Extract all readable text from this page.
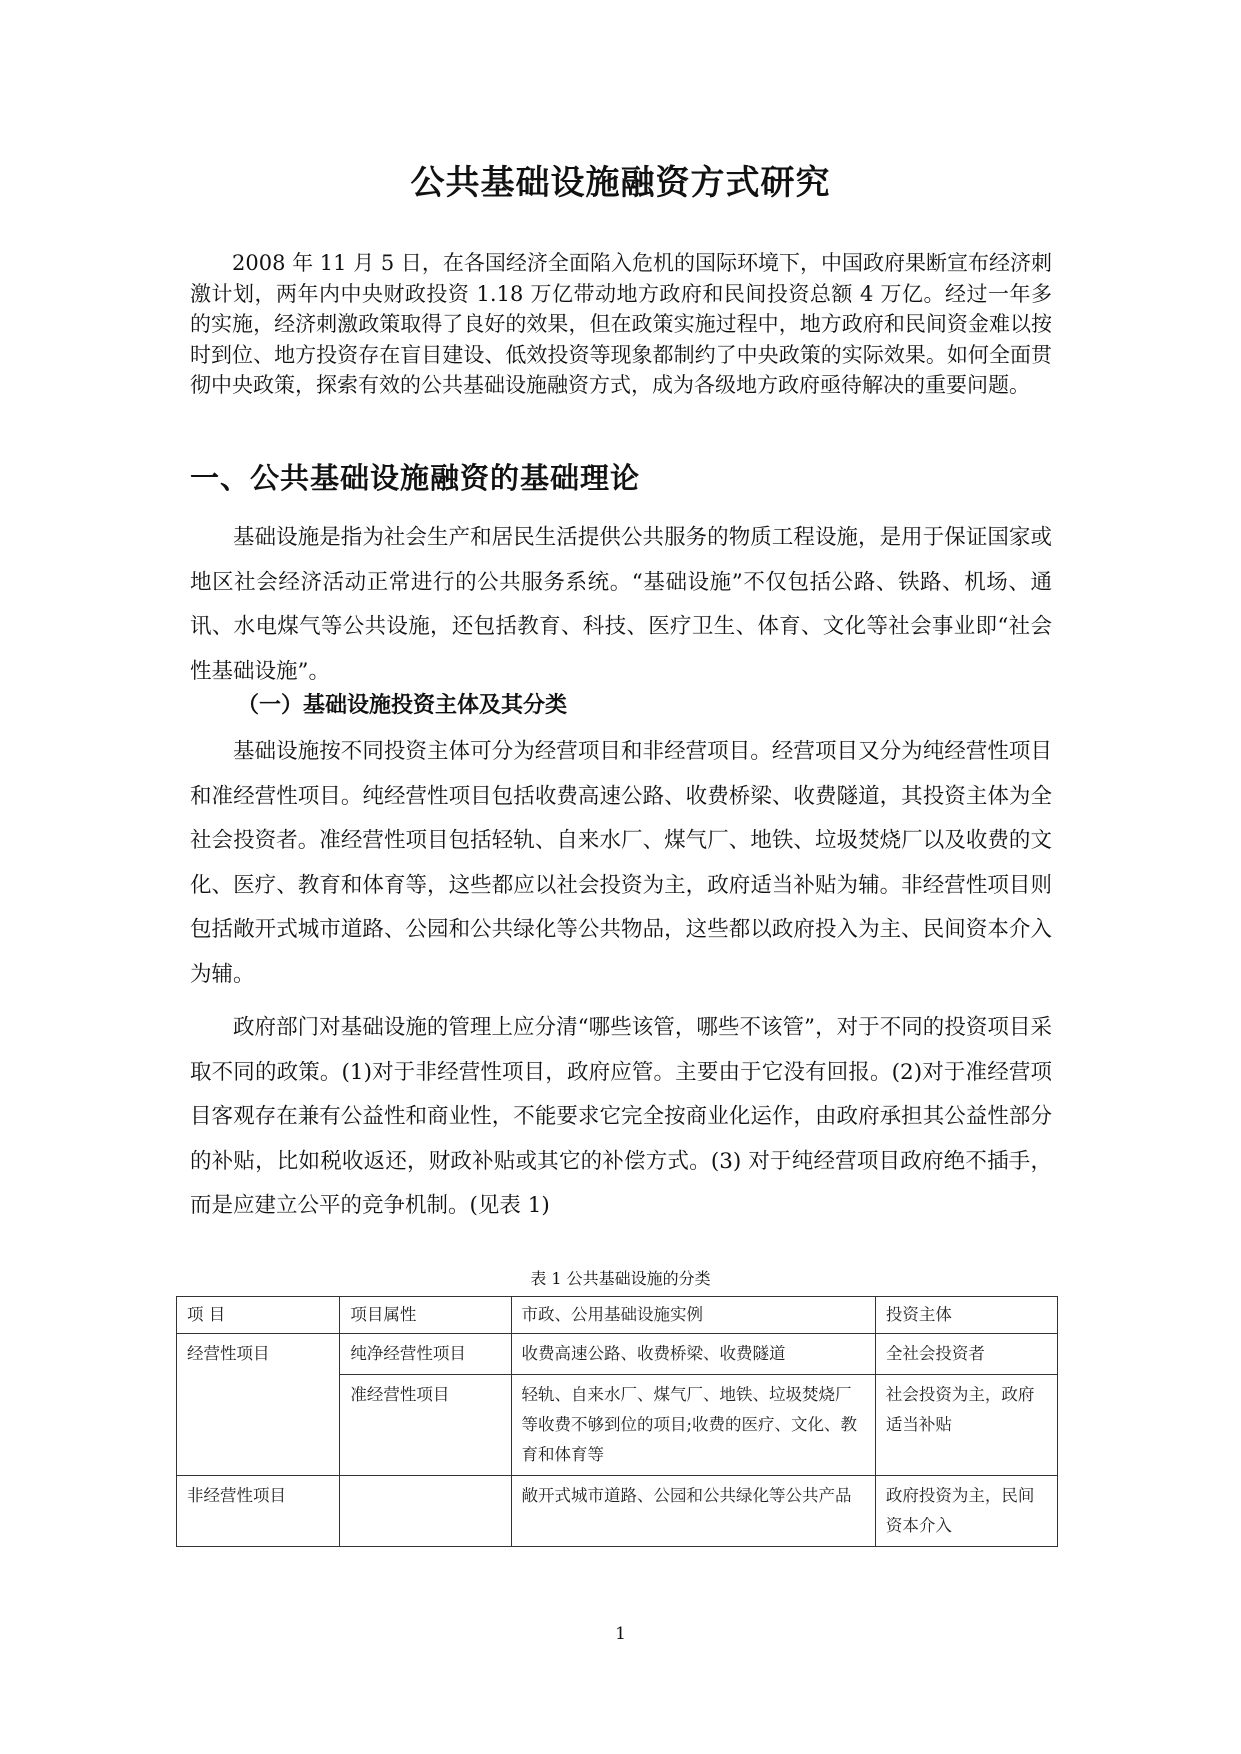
公共基础设施融资方式研究

2008 年 11 月 5 日，在各国经济全面陷入危机的国际环境下，中国政府果断宣布经济刺激计划，两年内中央财政投资 1.18 万亿带动地方政府和民间投资总额 4 万亿。经过一年多的实施，经济刺激政策取得了良好的效果，但在政策实施过程中，地方政府和民间资金难以按时到位、地方投资存在盲目建设、低效投资等现象都制约了中央政策的实际效果。如何全面贯彻中央政策，探索有效的公共基础设施融资方式，成为各级地方政府亟待解决的重要问题。

一、公共基础设施融资的基础理论

基础设施是指为社会生产和居民生活提供公共服务的物质工程设施，是用于保证国家或地区社会经济活动正常进行的公共服务系统。“基础设施”不仅包括公路、铁路、机场、通讯、水电煤气等公共设施，还包括教育、科技、医疗卫生、体育、文化等社会事业即“社会性基础设施”。

（一）基础设施投资主体及其分类

基础设施按不同投资主体可分为经营项目和非经营项目。经营项目又分为纯经营性项目和准经营性项目。纯经营性项目包括收费高速公路、收费桥梁、收费隧道，其投资主体为全社会投资者。准经营性项目包括轻轨、自来水厂、煤气厂、地铁、垃圾焚烧厂以及收费的文化、医疗、教育和体育等，这些都应以社会投资为主，政府适当补贴为辅。非经营性项目则包括敞开式城市道路、公园和公共绿化等公共物品，这些都以政府投入为主、民间资本介入为辅。

政府部门对基础设施的管理上应分清“哪些该管，哪些不该管”，对于不同的投资项目采取不同的政策。(1)对于非经营性项目，政府应管。主要由于它没有回报。(2)对于准经营项目客观存在兼有公益性和商业性，不能要求它完全按商业化运作，由政府承担其公益性部分的补贴，比如税收返还，财政补贴或其它的补偿方式。(3) 对于纯经营项目政府绝不插手，而是应建立公平的竞争机制。(见表 1)

表 1 公共基础设施的分类
项 目	项目属性	市政、公用基础设施实例	投资主体
经营性项目	纯净经营性项目	收费高速公路、收费桥梁、收费隧道	全社会投资者
	准经营性项目	轻轨、自来水厂、煤气厂、地铁、垃圾焚烧厂等收费不够到位的项目;收费的医疗、文化、教育和体育等	社会投资为主，政府适当补贴
非经营性项目		敞开式城市道路、公园和公共绿化等公共产品	政府投资为主，民间资本介入
1
